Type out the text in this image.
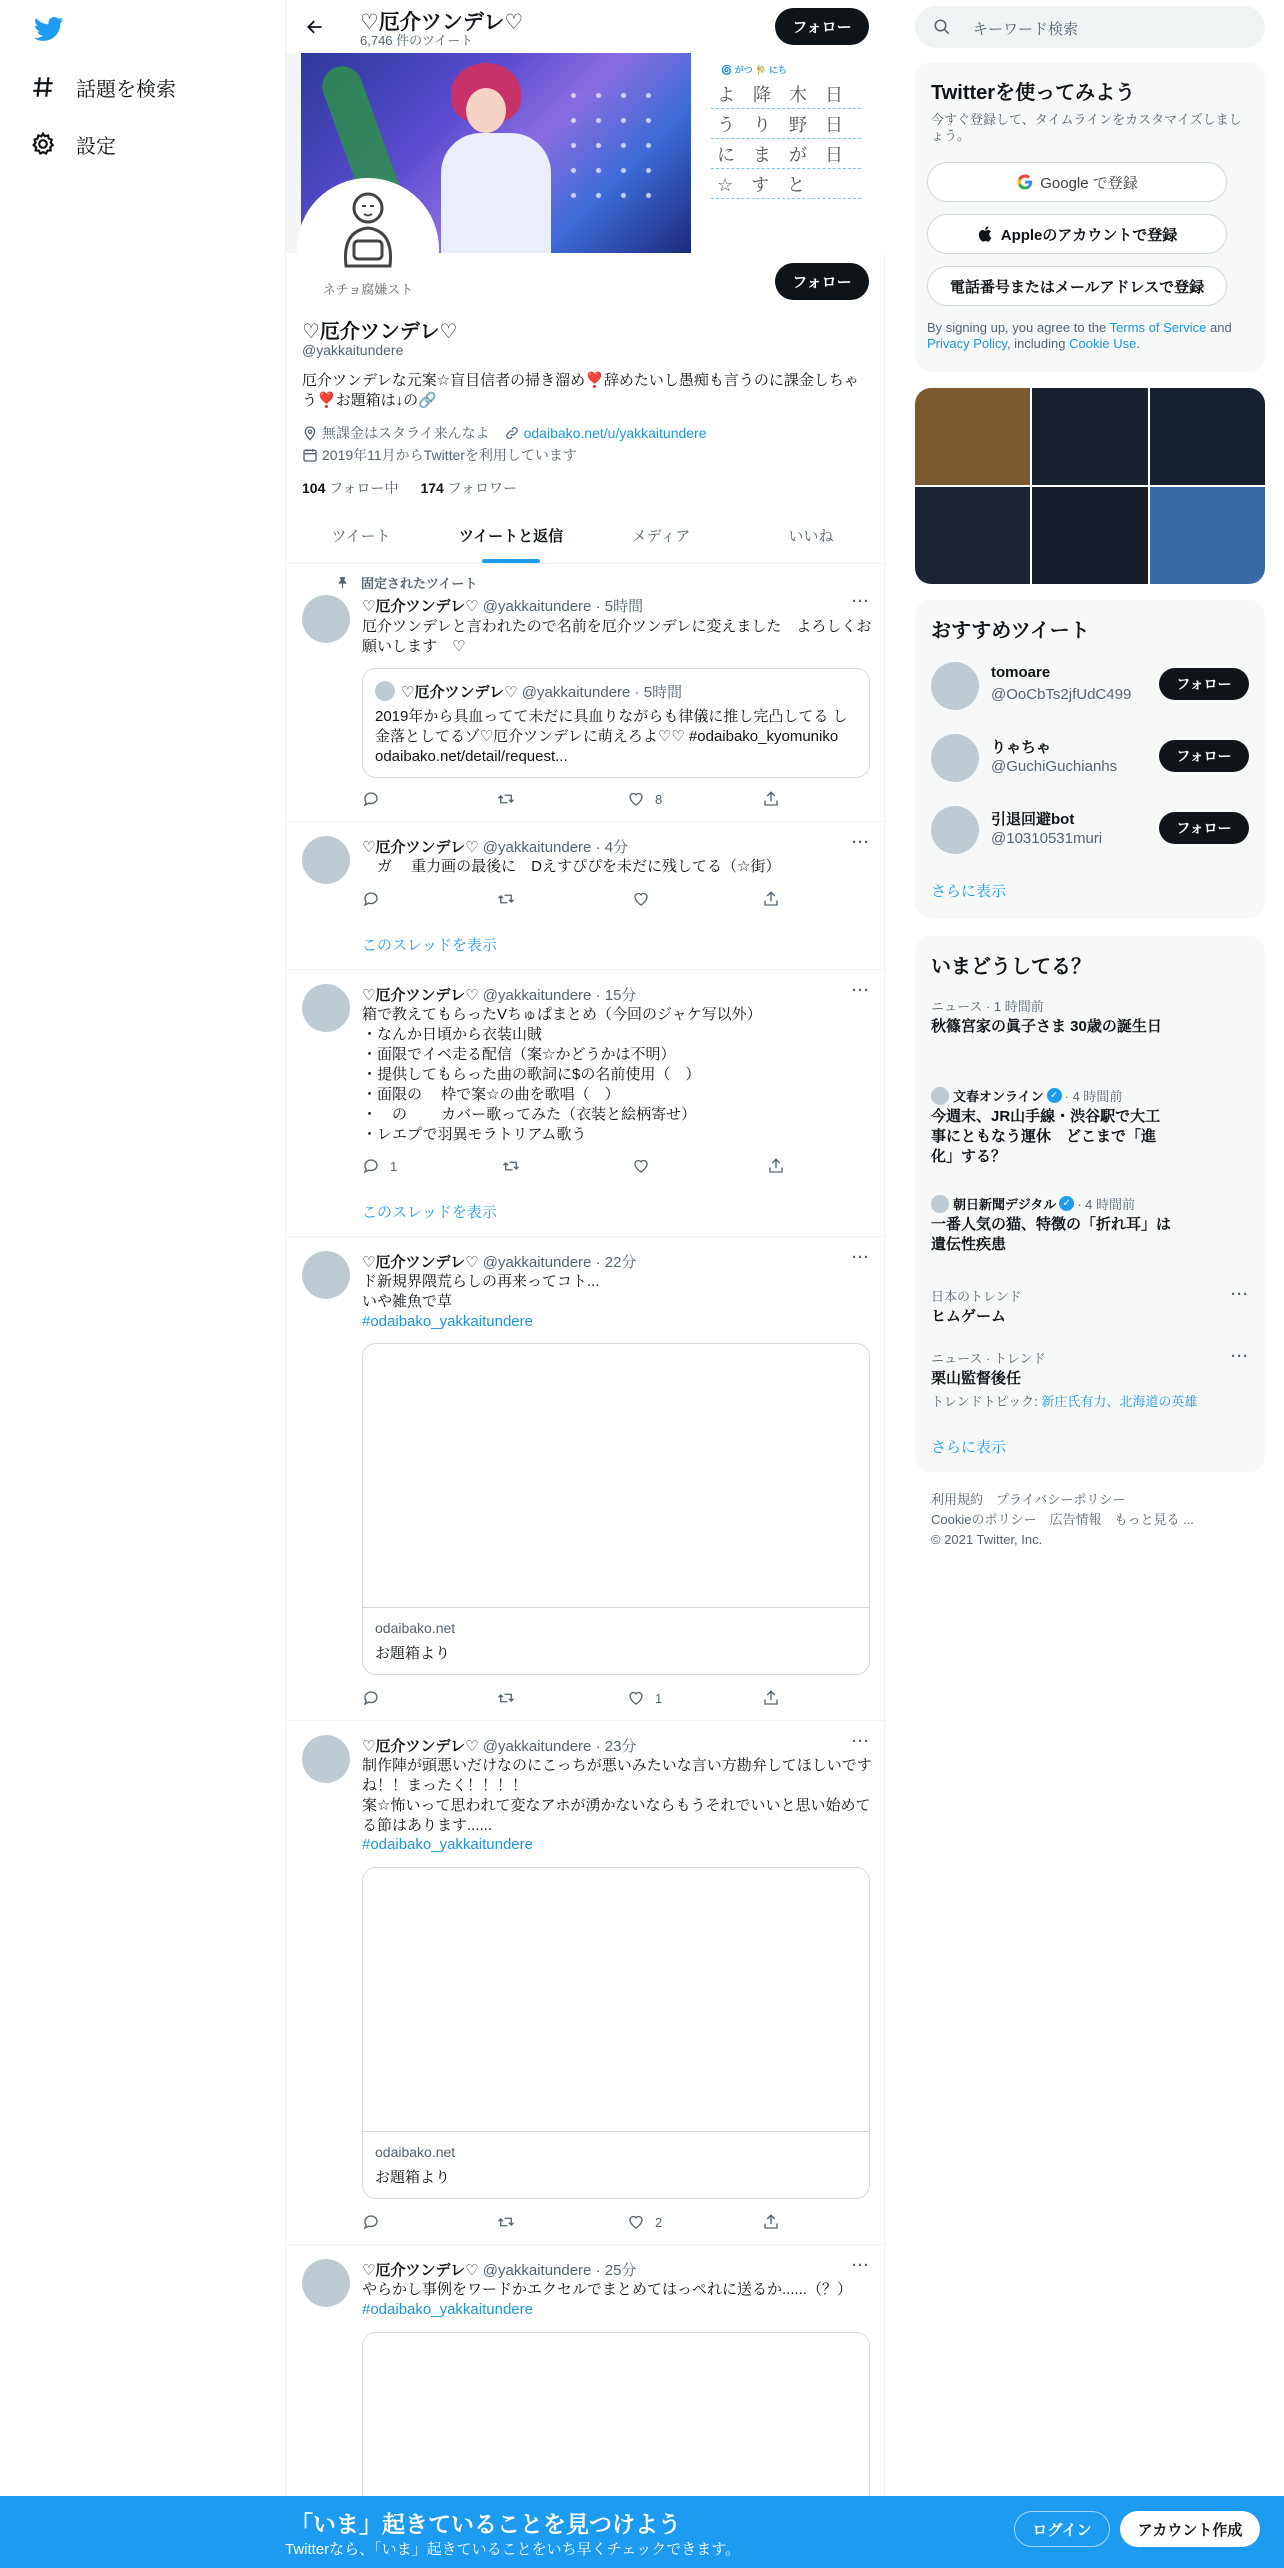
話題を検索
設定
♡厄介ツンデレ♡
6,746 件のツイート
フォロー
🌀 がつ 🎋 にち
よ降木日
うり野日
にまが日
☆すと
ネチョ腐嫌スト	フォロー
♡厄介ツンデレ♡
@yakkaitundere
厄介ツンデレな元案☆盲目信者の掃き溜め❣️辞めたいし愚痴も言うのに課金しちゃう❣️お題箱は↓の🔗
無課金はスタライ来んなよ odaibako.net/u/yakkaitundere
2019年11月からTwitterを利用しています
104 フォロー中 174 フォロワー
ツイート	ツイートと返信	メディア	いいね
固定されたツイート
♡厄介ツンデレ♡ @yakkaitundere · 5時間	···
厄介ツンデレと言われたので名前を厄介ツンデレに変えました　よろしくお願いします　♡
♡厄介ツンデレ♡ @yakkaitundere · 5時間
2019年から具血ってて未だに具血りながらも律儀に推し完凸してる し金落としてるゾ♡厄介ツンデレに萌えろよ♡♡ #odaibako_kyomuniko odaibako.net/detail/request...
8
♡厄介ツンデレ♡ @yakkaitundere · 4分	···
　ガ　 重力画の最後に　Dえすぴぴを未だに残してる（☆街）
このスレッドを表示
♡厄介ツンデレ♡ @yakkaitundere · 15分	···
箱で教えてもらったVちゅぱまとめ（今回のジャケ写以外）
・なんか日頃から衣装山賊
・面限でイベ走る配信（案☆かどうかは不明）
・提供してもらった曲の歌詞に$の名前使用（　）
・面限の　 枠で案☆の曲を歌唱（　）
・　の　　 カバー歌ってみた（衣装と絵柄寄せ）
・レエプで羽異モラトリアム歌う
1
このスレッドを表示
♡厄介ツンデレ♡ @yakkaitundere · 22分	···
ド新規界隈荒らしの再来ってコト...
いや雑魚で草
#odaibako_yakkaitundere
odaibako.net
お題箱より
1
♡厄介ツンデレ♡ @yakkaitundere · 23分	···
制作陣が頭悪いだけなのにこっちが悪いみたいな言い方勘弁してほしいですね！！まったく！！！！
案☆怖いって思われて変なアホが湧かないならもうそれでいいと思い始めてる節はあります......
#odaibako_yakkaitundere
odaibako.net
お題箱より
2
♡厄介ツンデレ♡ @yakkaitundere · 25分	···
やらかし事例をワードかエクセルでまとめてはっぺれに送るか......（？）
#odaibako_yakkaitundere
キーワード検索
Twitterを使ってみよう
今すぐ登録して、タイムラインをカスタマイズしましょう。
Google で登録
Appleのアカウントで登録
電話番号またはメールアドレスで登録
By signing up, you agree to the Terms of Service and Privacy Policy, including Cookie Use.
おすすめツイート
tomoare
@OoCbTs2jfUdC499
フォロー
りゃちゃ
@GuchiGuchianhs
フォロー
引退回避bot
@10310531muri
フォロー
さらに表示
いまどうしてる？
ニュース · 1 時間前
秋篠宮家の眞子さま 30歳の誕生日
文春オンライン ✓ · 4 時間前
今週末、JR山手線・渋谷駅で大工事にともなう運休　どこまで「進化」する？
朝日新聞デジタル ✓ · 4 時間前
一番人気の猫、特徴の「折れ耳」は遺伝性疾患
日本のトレンド
ヒムゲーム
···
ニュース · トレンド
栗山監督後任
トレンドトピック: 新庄氏有力、北海道の英雄
···
さらに表示
利用規約　プライバシーポリシー
Cookieのポリシー　広告情報　もっと見る ...
© 2021 Twitter, Inc.
「いま」起きていることを見つけよう
Twitterなら、「いま」起きていることをいち早くチェックできます。
ログイン	アカウント作成
